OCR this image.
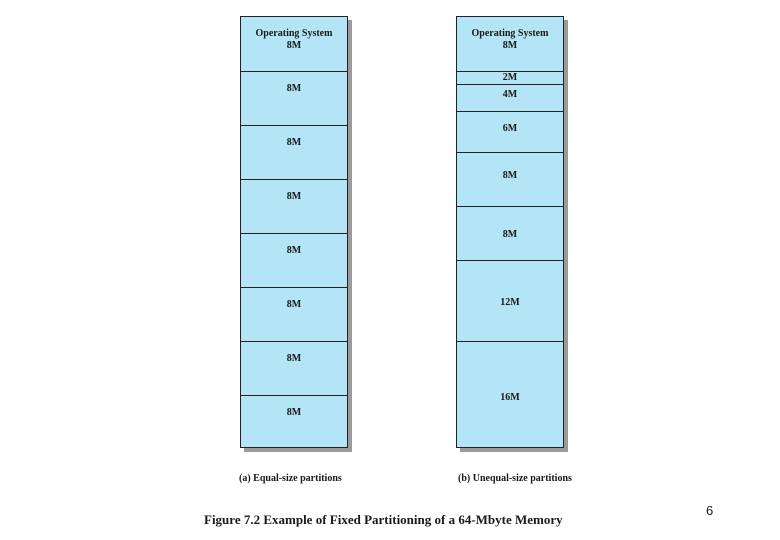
Operating System
8M
8M
8M
8M
8M
8M
8M
8M
Operating System
8M
2M
4M
6M
8M
8M
12M
16M
(a) Equal-size partitions	(b) Unequal-size partitions
Figure 7.2 Example of Fixed Partitioning of a 64-Mbyte Memory
6
